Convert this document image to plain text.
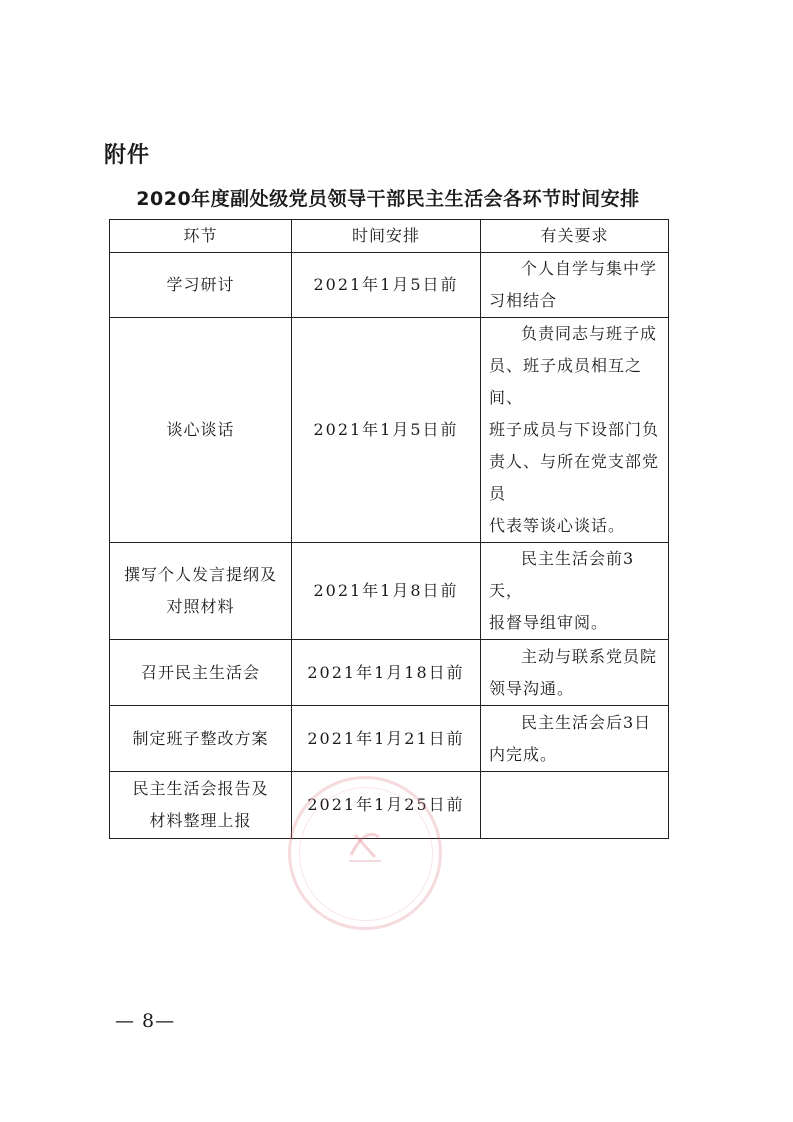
附件
2020年度副处级党员领导干部民主生活会各环节时间安排
环节	时间安排	有关要求

学习研讨	2021年1月5日前	个人自学与集中学
习相结合

谈心谈话	2021年1月5日前	负责同志与班子成
员、班子成员相互之间、
班子成员与下设部门负
责人、与所在党支部党员
代表等谈心谈话。

撰写个人发言提纲及
对照材料	2021年1月8日前	民主生活会前3天，
报督导组审阅。

召开民主生活会	2021年1月18日前	主动与联系党员院
领导沟通。

制定班子整改方案	2021年1月21日前	民主生活会后3日
内完成。

民主生活会报告及
材料整理上报	2021年1月25日前	
— 8—
